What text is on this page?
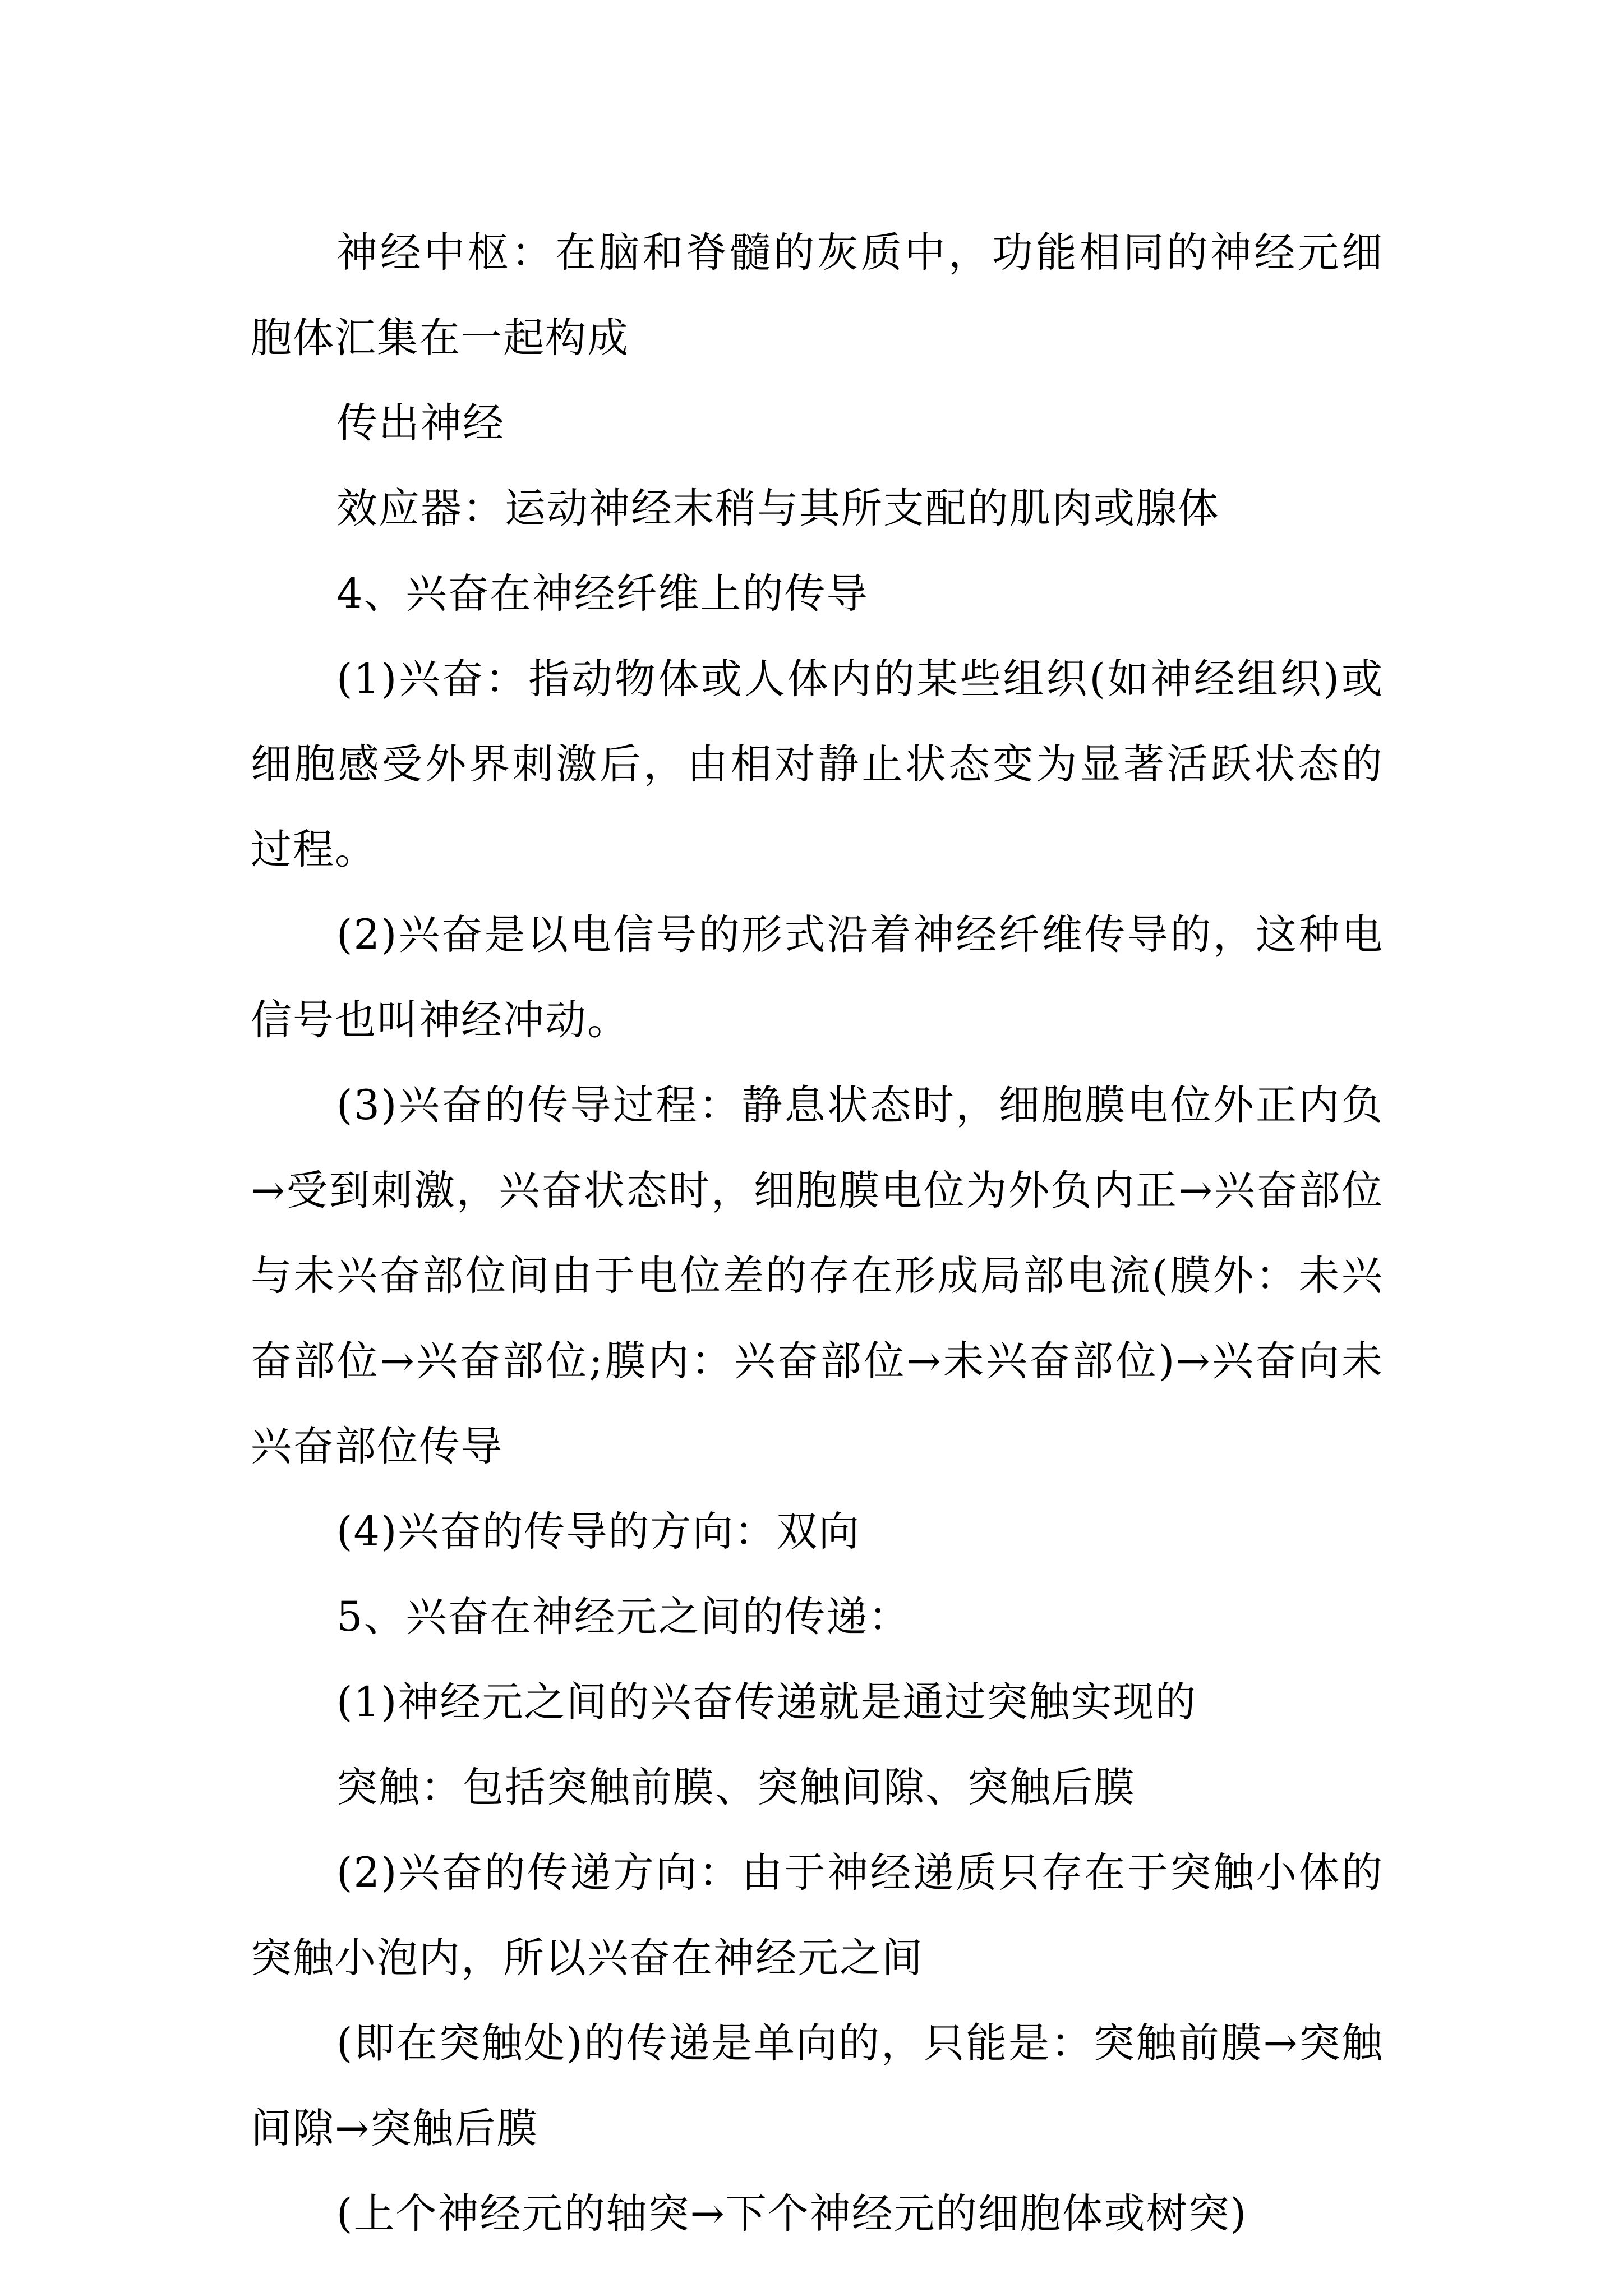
神经中枢：在脑和脊髓的灰质中，功能相同的神经元细胞体汇集在一起构成

传出神经

效应器：运动神经末稍与其所支配的肌肉或腺体

4、兴奋在神经纤维上的传导

(1)兴奋：指动物体或人体内的某些组织(如神经组织)或细胞感受外界刺激后，由相对静止状态变为显著活跃状态的过程。

(2)兴奋是以电信号的形式沿着神经纤维传导的，这种电信号也叫神经冲动。

(3)兴奋的传导过程：静息状态时，细胞膜电位外正内负→受到刺激，兴奋状态时，细胞膜电位为外负内正→兴奋部位与未兴奋部位间由于电位差的存在形成局部电流(膜外：未兴奋部位→兴奋部位;膜内：兴奋部位→未兴奋部位)→兴奋向未兴奋部位传导

(4)兴奋的传导的方向：双向

5、兴奋在神经元之间的传递：

(1)神经元之间的兴奋传递就是通过突触实现的

突触：包括突触前膜、突触间隙、突触后膜

(2)兴奋的传递方向：由于神经递质只存在于突触小体的突触小泡内，所以兴奋在神经元之间

(即在突触处)的传递是单向的，只能是：突触前膜→突触间隙→突触后膜

(上个神经元的轴突→下个神经元的细胞体或树突)
